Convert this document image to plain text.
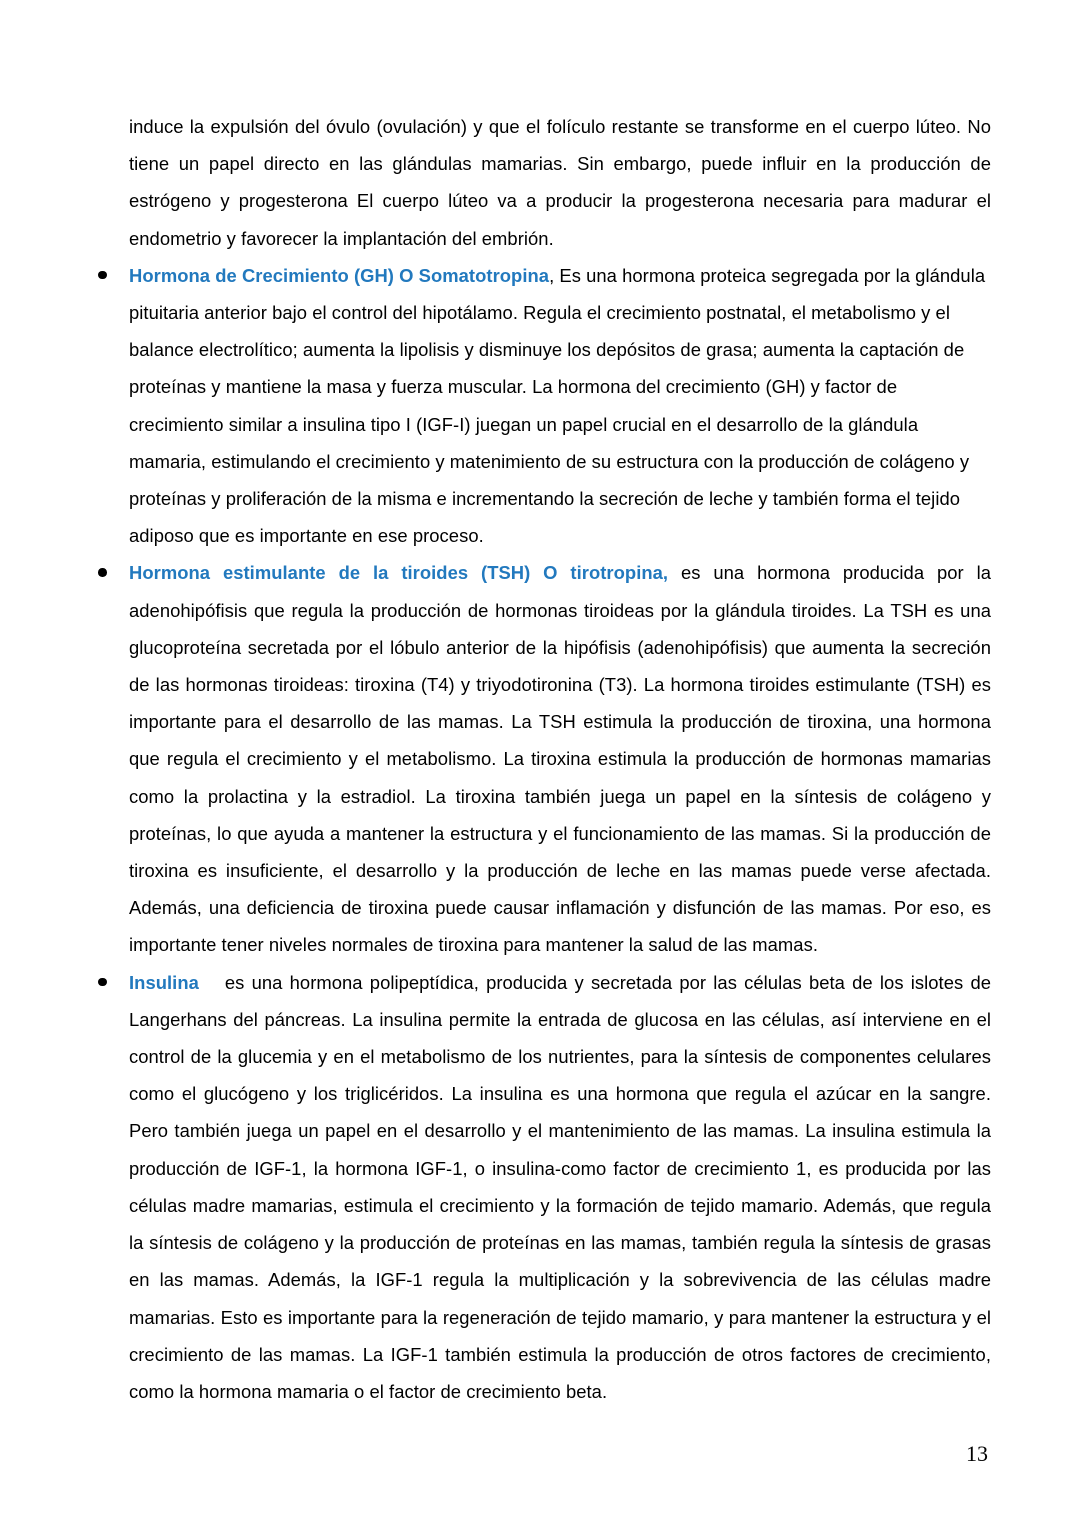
induce la expulsión del óvulo (ovulación) y que el folículo restante se transforme en el cuerpo lúteo. No tiene un papel directo en las glándulas mamarias. Sin embargo, puede influir en la producción de estrógeno y progesterona El cuerpo lúteo va a producir la progesterona necesaria para madurar el endometrio y favorecer la implantación del embrión.

Hormona de Crecimiento (GH) O Somatotropina, Es una hormona proteica segregada por la glándula pituitaria anterior bajo el control del hipotálamo. Regula el crecimiento postnatal, el metabolismo y el balance electrolítico; aumenta la lipolisis y disminuye los depósitos de grasa; aumenta la captación de proteínas y mantiene la masa y fuerza muscular. La hormona del crecimiento (GH) y factor de crecimiento similar a insulina tipo I (IGF-I) juegan un papel crucial en el desarrollo de la glándula mamaria, estimulando el crecimiento y matenimiento de su estructura con la producción de colágeno y proteínas y proliferación de la misma e incrementando la secreción de leche y también forma el tejido adiposo que es importante en ese proceso.
Hormona estimulante de la tiroides (TSH) O tirotropina, es una hormona producida por la adenohipófisis que regula la producción de hormonas tiroideas por la glándula tiroides. La TSH es una glucoproteína secretada por el lóbulo anterior de la hipófisis (adenohipófisis) que aumenta la secreción de las hormonas tiroideas: tiroxina (T4) y triyodotironina (T3). La hormona tiroides estimulante (TSH) es importante para el desarrollo de las mamas. La TSH estimula la producción de tiroxina, una hormona que regula el crecimiento y el metabolismo. La tiroxina estimula la producción de hormonas mamarias como la prolactina y la estradiol. La tiroxina también juega un papel en la síntesis de colágeno y proteínas, lo que ayuda a mantener la estructura y el funcionamiento de las mamas. Si la producción de tiroxina es insuficiente, el desarrollo y la producción de leche en las mamas puede verse afectada. Además, una deficiencia de tiroxina puede causar inflamación y disfunción de las mamas. Por eso, es importante tener niveles normales de tiroxina para mantener la salud de las mamas.
Insulina es una hormona polipeptídica, producida y secretada por las células beta de los islotes de Langerhans del páncreas. La insulina permite la entrada de glucosa en las células, así interviene en el control de la glucemia y en el metabolismo de los nutrientes, para la síntesis de componentes celulares como el glucógeno y los triglicéridos. La insulina es una hormona que regula el azúcar en la sangre. Pero también juega un papel en el desarrollo y el mantenimiento de las mamas. La insulina estimula la producción de IGF-1, la hormona IGF-1, o insulina-como factor de crecimiento 1, es producida por las células madre mamarias, estimula el crecimiento y la formación de tejido mamario. Además, que regula la síntesis de colágeno y la producción de proteínas en las mamas, también regula la síntesis de grasas en las mamas. Además, la IGF-1 regula la multiplicación y la sobrevivencia de las células madre mamarias. Esto es importante para la regeneración de tejido mamario, y para mantener la estructura y el crecimiento de las mamas. La IGF-1 también estimula la producción de otros factores de crecimiento, como la hormona mamaria o el factor de crecimiento beta.
13
